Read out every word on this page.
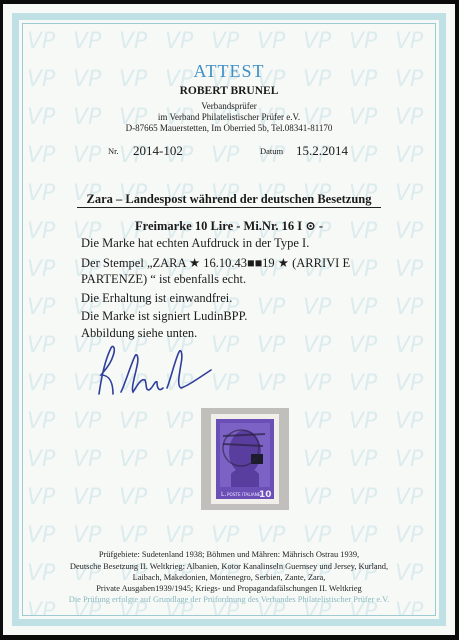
ATTEST
ROBERT BRUNEL
Verbandsprüfer
im Verband Philatelistischer Prüfer e.V.
D-87665 Mauerstetten, Im Oberried 5b, Tel.08341-81170
Nr. 2014-102	Datum 15.2.2014
Zara – Landespost während der deutschen Besetzung
Freimarke 10 Lire - Mi.Nr. 16 I ⊙ -
Die Marke hat echten Aufdruck in der Type I.
Der Stempel „ZARA ★ 16.10.43■■19 ★ (ARRIVI E
PARTENZE) “ ist ebenfalls echt.
Die Erhaltung ist einwandfrei.
Die Marke ist signiert LudinBPP.
Abbildung siehe unten.
L. POSTE ITALIANE
10
Prüfgebiete: Sudetenland 1938; Böhmen und Mähren: Mährisch Ostrau 1939,
Deutsche Besetzung II. Weltkrieg: Albanien, Kotor Kanalinseln Guernsey und Jersey, Kurland,
Laibach, Makedonien, Montenegro, Serbien, Zante, Zara,
Private Ausgaben1939/1945; Kriegs- und Propagandafälschungen II. Weltkrieg
Die Prüfung erfolgte auf Grundlage der Prüfordnung des Verbandes Philatelistischer Prüfer e.V.
